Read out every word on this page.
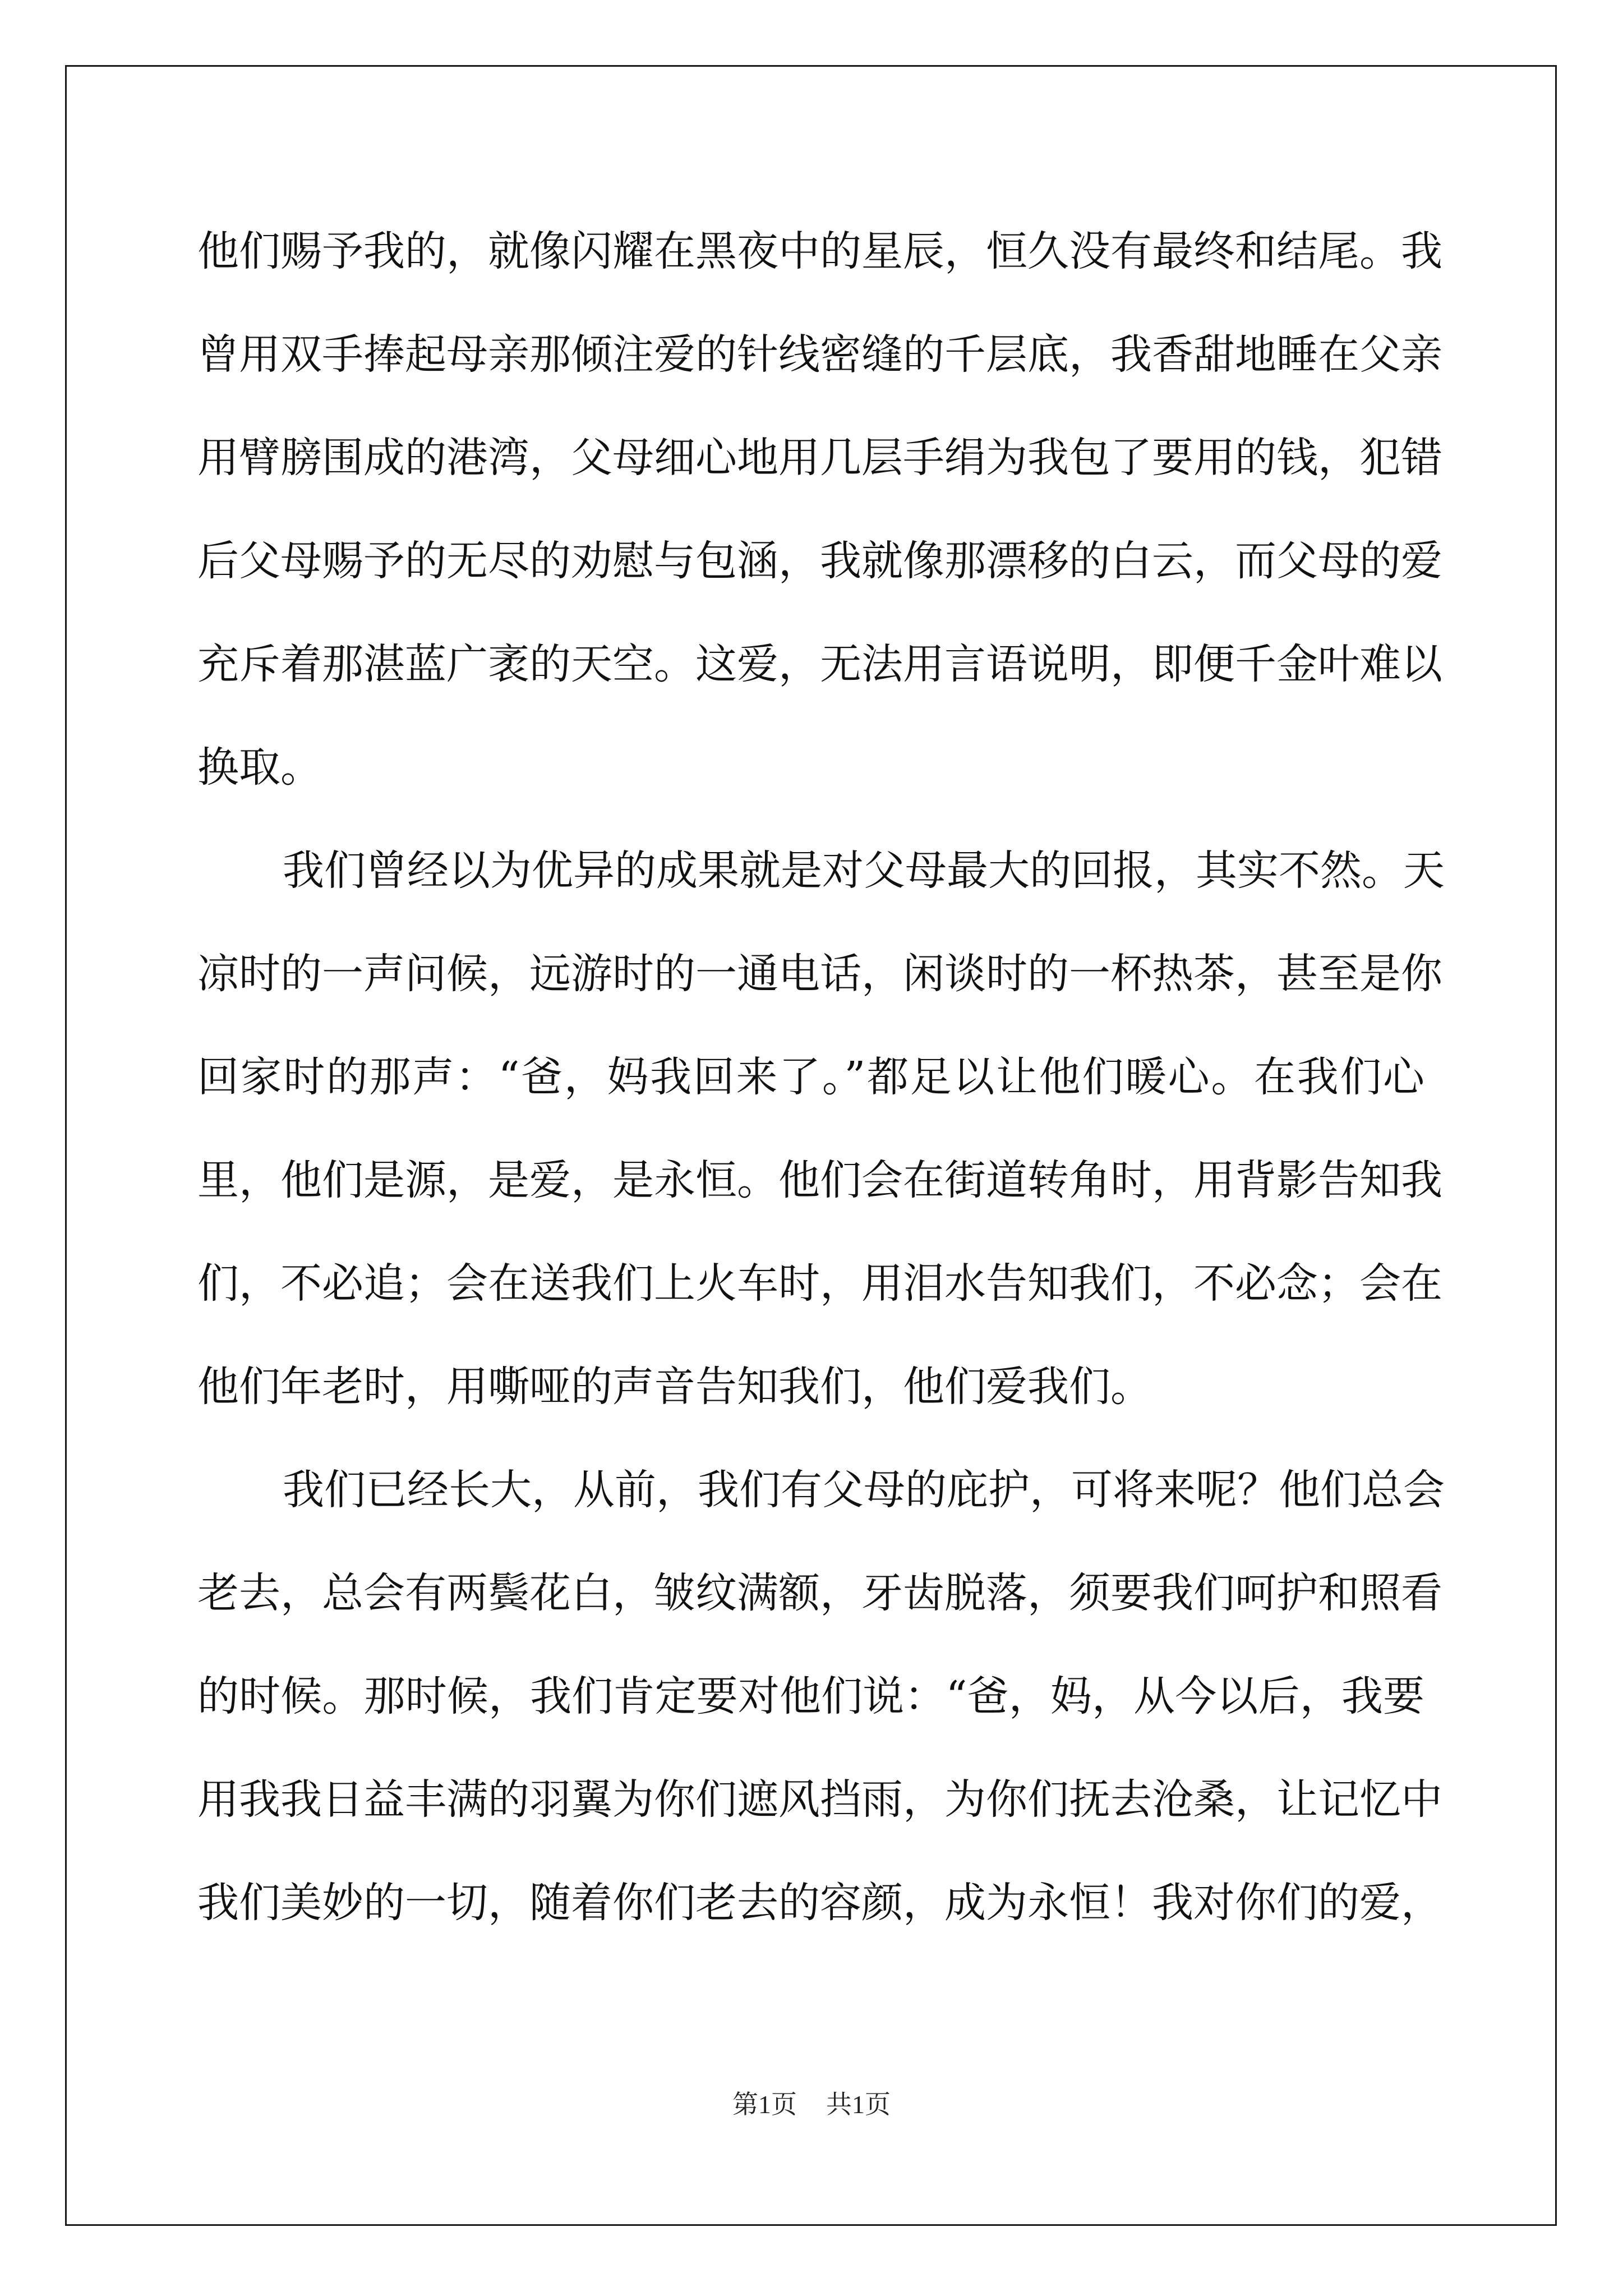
他们赐予我的，就像闪耀在黑夜中的星辰，恒久没有最终和结尾。我
曾用双手捧起母亲那倾注爱的针线密缝的千层底，我香甜地睡在父亲
用臂膀围成的港湾，父母细心地用几层手绢为我包了要用的钱，犯错
后父母赐予的无尽的劝慰与包涵，我就像那漂移的白云，而父母的爱
充斥着那湛蓝广袤的天空。这爱，无法用言语说明，即便千金叶难以
换取。
我们曾经以为优异的成果就是对父母最大的回报，其实不然。天
凉时的一声问候，远游时的一通电话，闲谈时的一杯热茶，甚至是你
回家时的那声：“爸，妈我回来了。”都足以让他们暖心。在我们心
里，他们是源，是爱，是永恒。他们会在街道转角时，用背影告知我
们，不必追；会在送我们上火车时，用泪水告知我们，不必念；会在
他们年老时，用嘶哑的声音告知我们，他们爱我们。
我们已经长大，从前，我们有父母的庇护，可将来呢？他们总会
老去，总会有两鬓花白，皱纹满额，牙齿脱落，须要我们呵护和照看
的时候。那时候，我们肯定要对他们说：“爸，妈，从今以后，我要
用我我日益丰满的羽翼为你们遮风挡雨，为你们抚去沧桑，让记忆中
我们美妙的一切，随着你们老去的容颜，成为永恒！我对你们的爱，
第1页 共1页
